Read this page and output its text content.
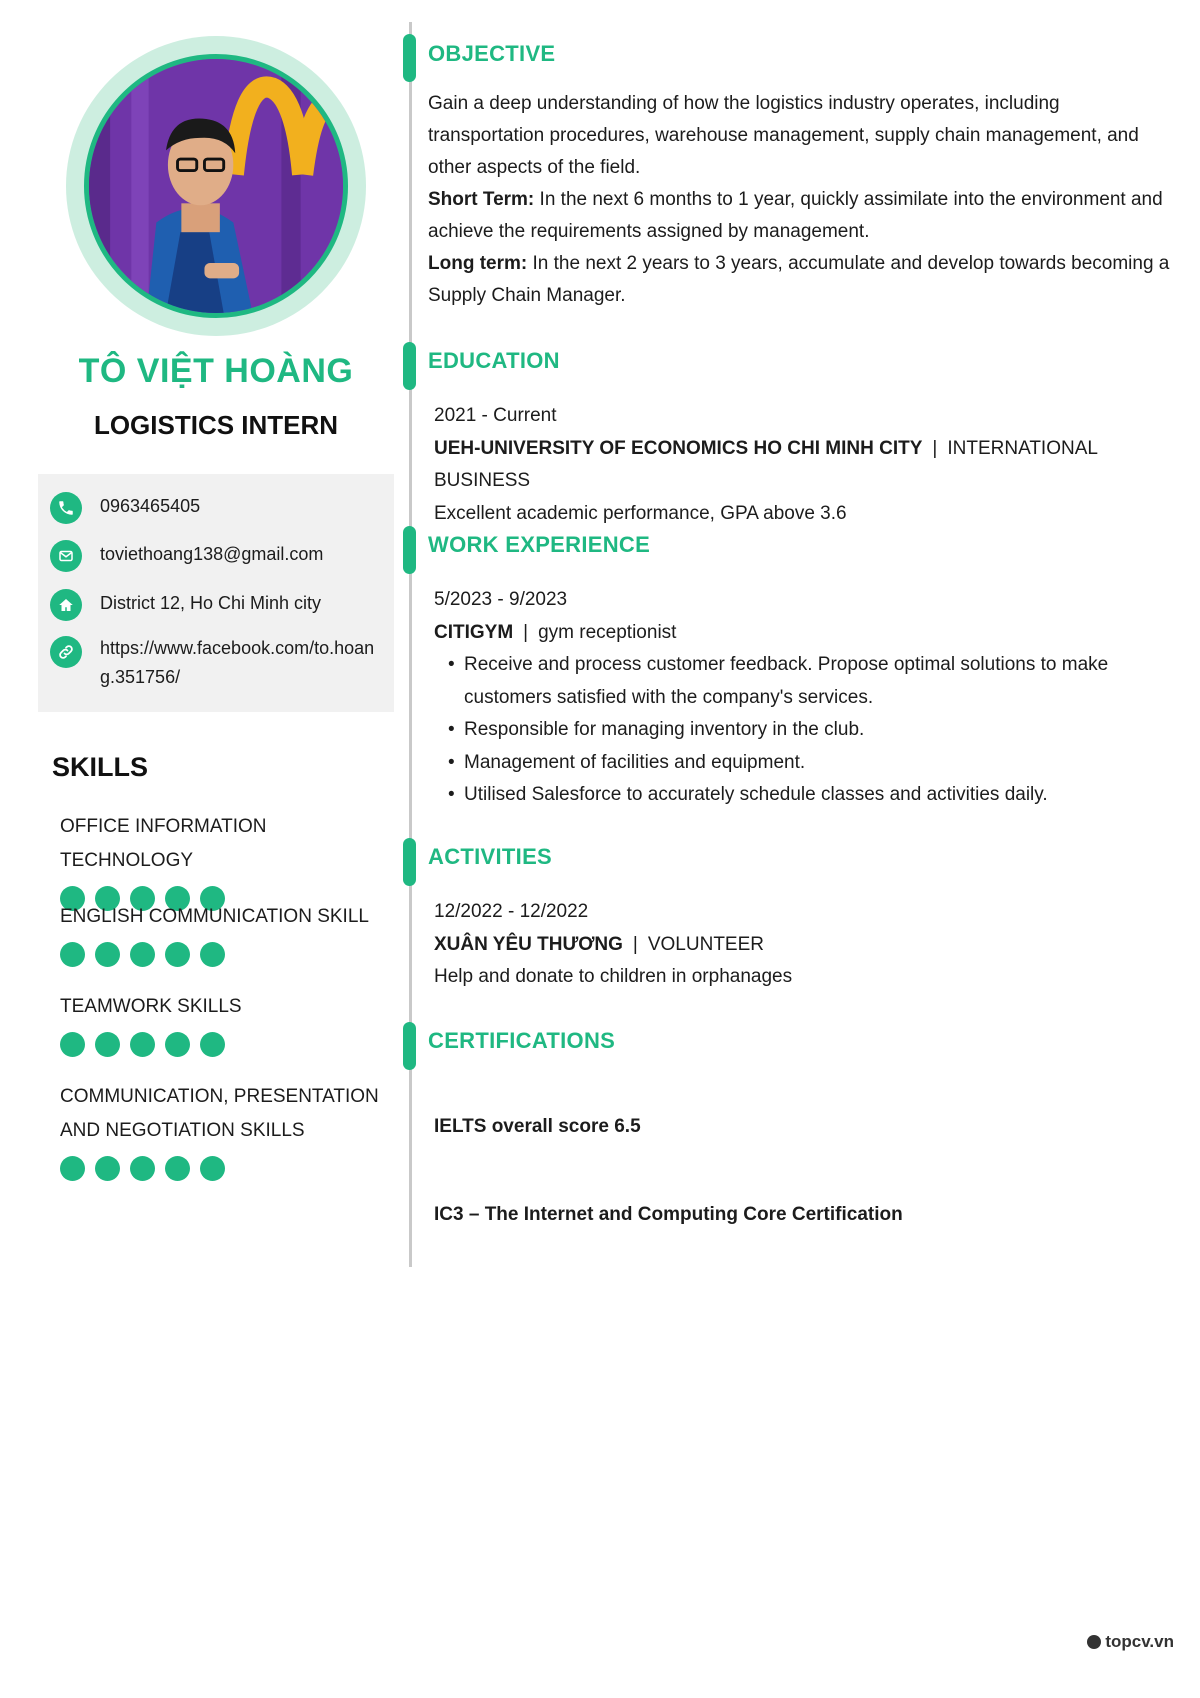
TÔ VIỆT HOÀNG
LOGISTICS INTERN
0963465405
toviethoang138@gmail.com
District 12, Ho Chi Minh city
https://www.facebook.com/to.hoang.351756/
SKILLS
OFFICE INFORMATION TECHNOLOGY
ENGLISH COMMUNICATION SKILL
TEAMWORK SKILLS
COMMUNICATION, PRESENTATION AND NEGOTIATION SKILLS
OBJECTIVE
Gain a deep understanding of how the logistics industry operates, including transportation procedures, warehouse management, supply chain management, and other aspects of the field.
Short Term: In the next 6 months to 1 year, quickly assimilate into the environment and achieve the requirements assigned by management.
Long term: In the next 2 years to 3 years, accumulate and develop towards becoming a Supply Chain Manager.
EDUCATION
2021 - Current
UEH-UNIVERSITY OF ECONOMICS HO CHI MINH CITY | INTERNATIONAL BUSINESS
Excellent academic performance, GPA above 3.6
WORK EXPERIENCE
5/2023 - 9/2023
CITIGYM | gym receptionist
• Receive and process customer feedback. Propose optimal solutions to make customers satisfied with the company's services.
• Responsible for managing inventory in the club.
• Management of facilities and equipment.
• Utilised Salesforce to accurately schedule classes and activities daily.
ACTIVITIES
12/2022 - 12/2022
XUÂN YÊU THƯƠNG | VOLUNTEER
Help and donate to children in orphanages
CERTIFICATIONS
IELTS overall score 6.5
IC3 – The Internet and Computing Core Certification
topcv.vn
